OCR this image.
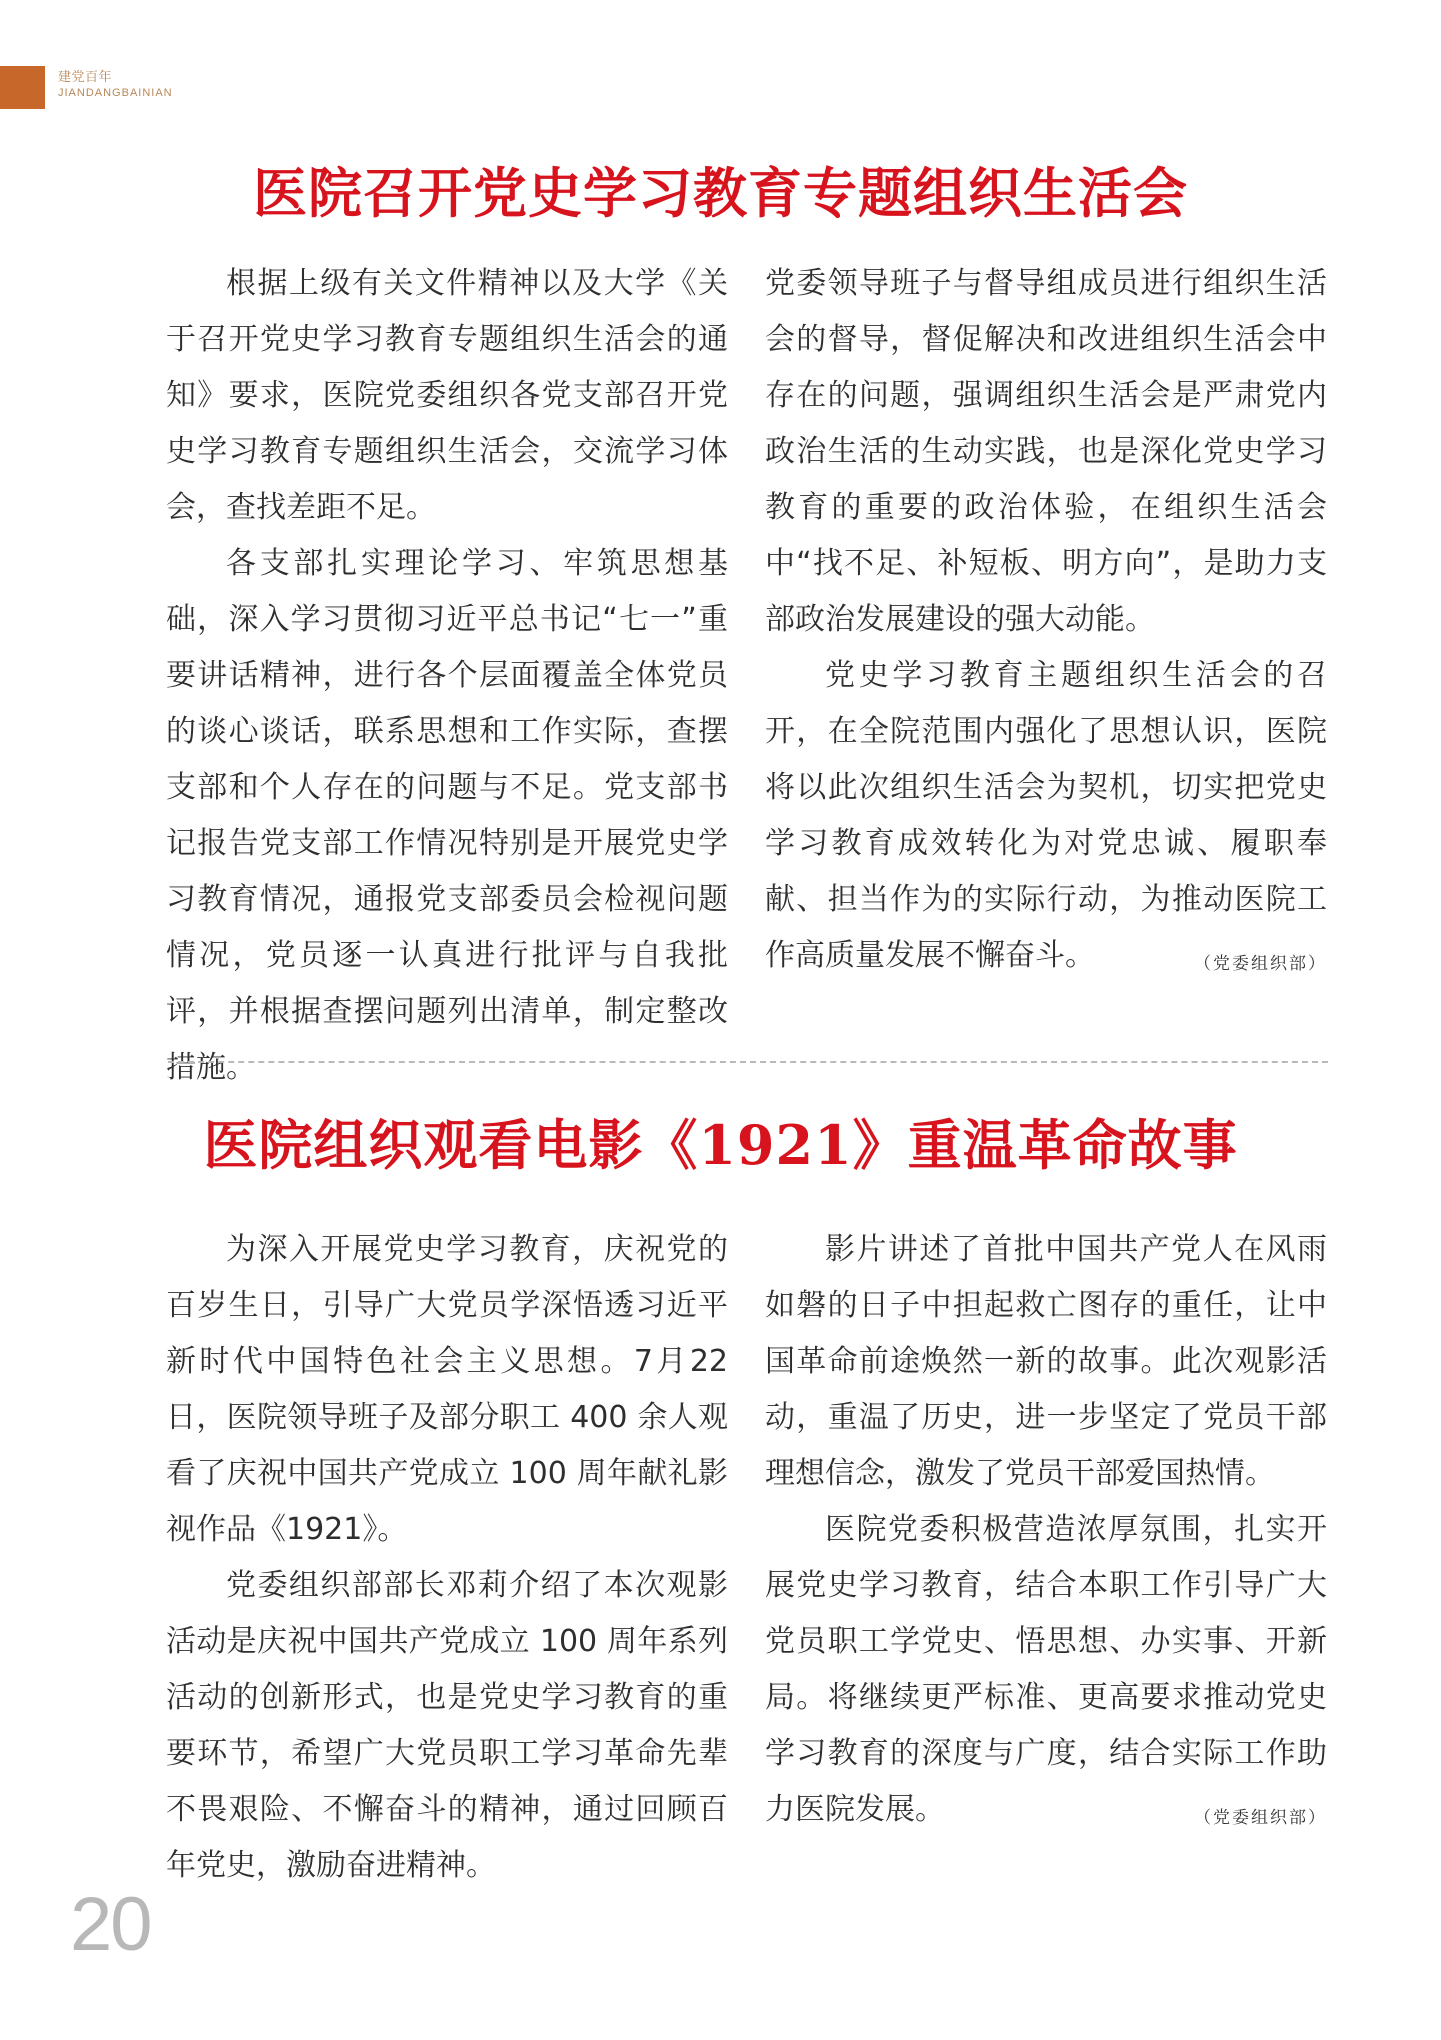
建党百年
JIANDANGBAINIAN
医院召开党史学习教育专题组织生活会

根据上级有关文件精神以及大学《关于召开党史学习教育专题组织生活会的通知》要求，医院党委组织各党支部召开党史学习教育专题组织生活会，交流学习体会，查找差距不足。

各支部扎实理论学习、牢筑思想基础，深入学习贯彻习近平总书记“七一”重要讲话精神，进行各个层面覆盖全体党员的谈心谈话，联系思想和工作实际，查摆支部和个人存在的问题与不足。党支部书记报告党支部工作情况特别是开展党史学习教育情况，通报党支部委员会检视问题情况，党员逐一认真进行批评与自我批评，并根据查摆问题列出清单，制定整改措施。

党委领导班子与督导组成员进行组织生活会的督导，督促解决和改进组织生活会中存在的问题，强调组织生活会是严肃党内政治生活的生动实践，也是深化党史学习教育的重要的政治体验，在组织生活会中“找不足、补短板、明方向”，是助力支部政治发展建设的强大动能。

党史学习教育主题组织生活会的召开，在全院范围内强化了思想认识，医院将以此次组织生活会为契机，切实把党史学习教育成效转化为对党忠诚、履职奉献、担当作为的实际行动，为推动医院工作高质量发展不懈奋斗。	（党委组织部）

医院组织观看电影《1921》重温革命故事

为深入开展党史学习教育，庆祝党的百岁生日，引导广大党员学深悟透习近平新时代中国特色社会主义思想。7月22日，医院领导班子及部分职工 400 余人观看了庆祝中国共产党成立 100 周年献礼影视作品《1921》。

党委组织部部长邓莉介绍了本次观影活动是庆祝中国共产党成立 100 周年系列活动的创新形式，也是党史学习教育的重要环节，希望广大党员职工学习革命先辈不畏艰险、不懈奋斗的精神，通过回顾百年党史，激励奋进精神。

影片讲述了首批中国共产党人在风雨如磐的日子中担起救亡图存的重任，让中国革命前途焕然一新的故事。此次观影活动，重温了历史，进一步坚定了党员干部理想信念，激发了党员干部爱国热情。

医院党委积极营造浓厚氛围，扎实开展党史学习教育，结合本职工作引导广大党员职工学党史、悟思想、办实事、开新局。将继续更严标准、更高要求推动党史学习教育的深度与广度，结合实际工作助力医院发展。	（党委组织部）

20
